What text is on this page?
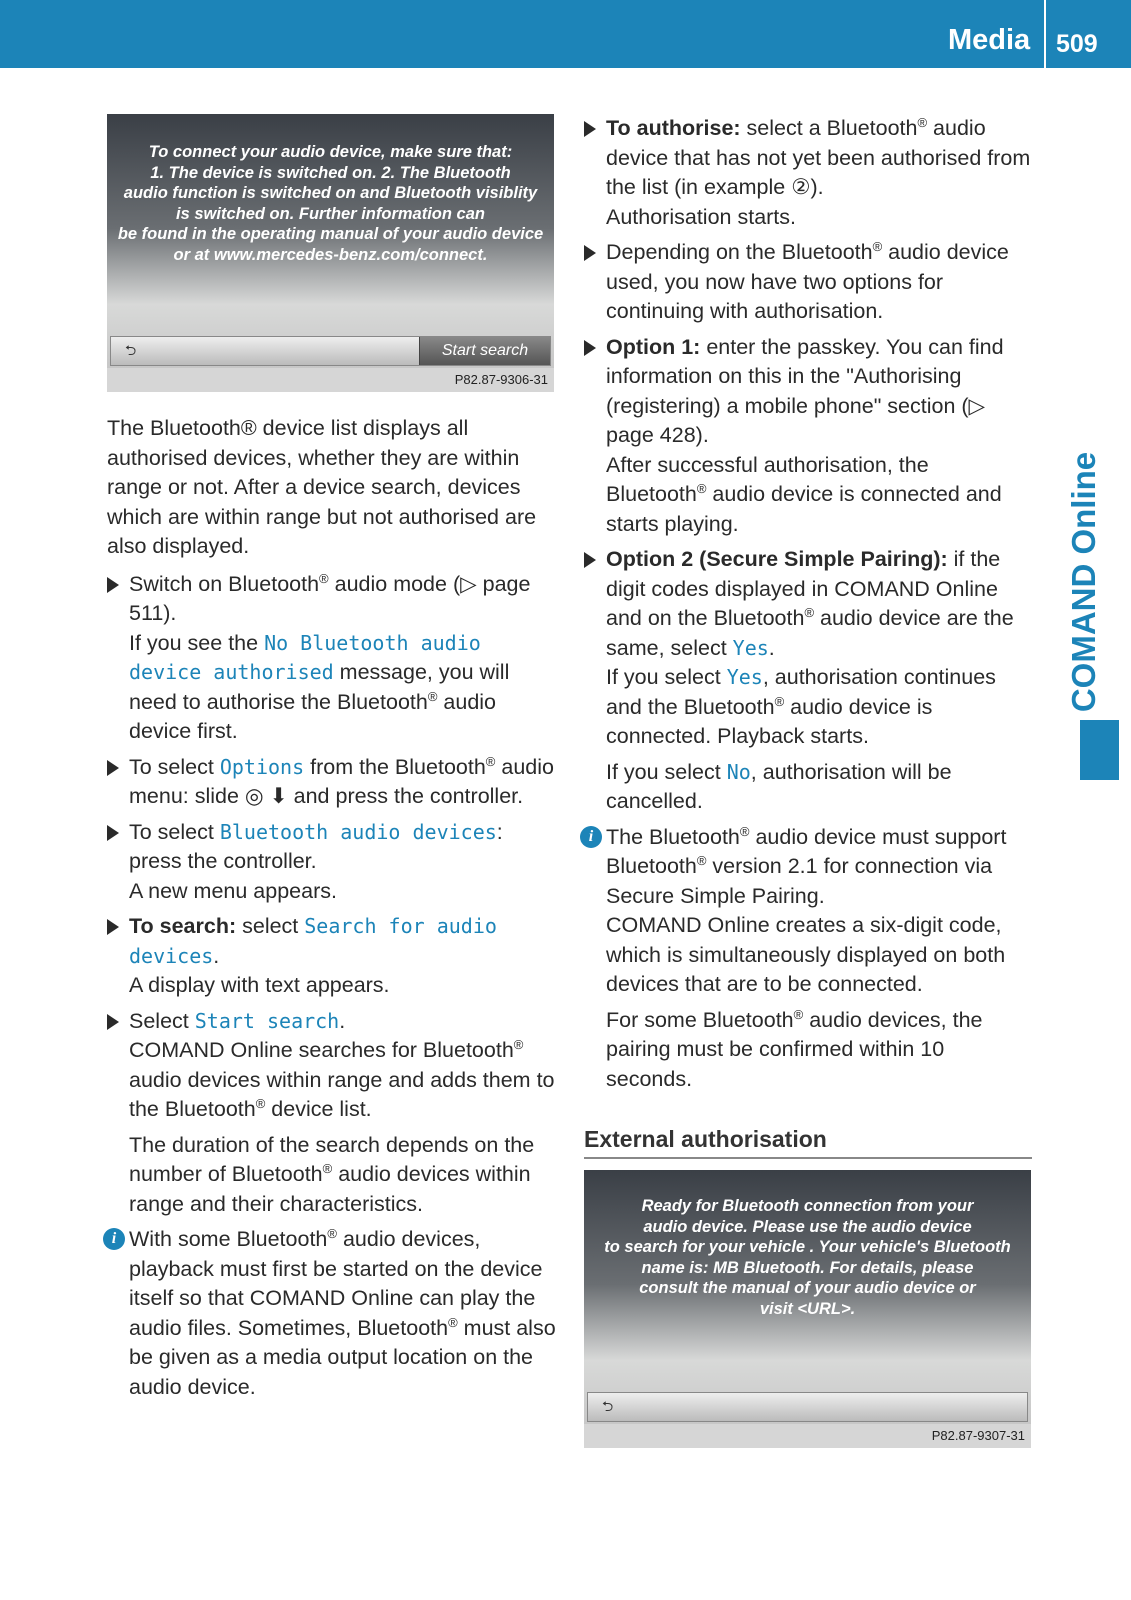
Media 509
COMAND Online
To connect your audio device, make sure that:
1. The device is switched on. 2. The Bluetooth
audio function is switched on and Bluetooth visiblity
is switched on. Further information can
be found in the operating manual of your audio device
or at www.mercedes-benz.com/connect.
⮌	Start search
P82.87-9306-31

The Bluetooth® device list displays all authorised devices, whether they are within range or not. After a device search, devices which are within range but not authorised are also displayed.

Switch on Bluetooth® audio mode (▷ page 511).
If you see the No Bluetooth audio device authorised message, you will need to authorise the Bluetooth® audio device first.
To select Options from the Bluetooth® audio menu: slide ◎ ⬇ and press the controller.
To select Bluetooth audio devices: press the controller.
A new menu appears.
To search: select Search for audio devices.
A display with text appears.
Select Start search.
COMAND Online searches for Bluetooth® audio devices within range and adds them to the Bluetooth® device list.
The duration of the search depends on the number of Bluetooth® audio devices within range and their characteristics.
i With some Bluetooth® audio devices, playback must first be started on the device itself so that COMAND Online can play the audio files. Sometimes, Bluetooth® must also be given as a media output location on the audio device.
To authorise: select a Bluetooth® audio device that has not yet been authorised from the list (in example ②).
Authorisation starts.
Depending on the Bluetooth® audio device used, you now have two options for continuing with authorisation.
Option 1: enter the passkey. You can find information on this in the "Authorising (registering) a mobile phone" section (▷ page 428).
After successful authorisation, the Bluetooth® audio device is connected and starts playing.
Option 2 (Secure Simple Pairing): if the digit codes displayed in COMAND Online and on the Bluetooth® audio device are the same, select Yes.
If you select Yes, authorisation continues and the Bluetooth® audio device is connected. Playback starts.
If you select No, authorisation will be cancelled.
i The Bluetooth® audio device must support Bluetooth® version 2.1 for connection via Secure Simple Pairing.
COMAND Online creates a six-digit code, which is simultaneously displayed on both devices that are to be connected.
For some Bluetooth® audio devices, the pairing must be confirmed within 10 seconds.
External authorisation
Ready for Bluetooth connection from your
audio device. Please use the audio device
to search for your vehicle . Your vehicle's Bluetooth
name is: MB Bluetooth. For details, please
consult the manual of your audio device or
visit <URL>.
⮌
P82.87-9307-31
